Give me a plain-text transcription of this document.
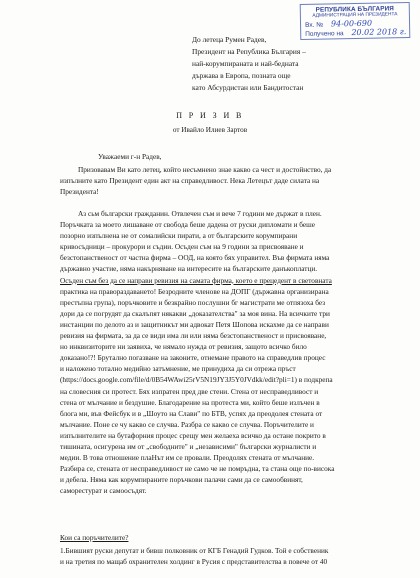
РЕПУБЛИКА БЪЛГАРИЯ
АДМИНИСТРАЦИЯ НА ПРЕЗИДЕНТА
Вх. № 94-00-690
Получено на 20.02 2018 г.
До летеца Румен Радев,
Президент на Република България –
най-корумпираната и най-бедната
държава в Европа, позната още
като Абсурдистан или Бандитостан
П Р И З И В
от Ивайло Илиев Зартов
Уважаеми г-н Радев,
Призовавам Ви като летец, който несъмнено знае какво са чест и достойнство, да
изпълните като Президент един акт на справедливост. Нека Летецът даде силата на
Президента!
Аз сьм български гражданин. Отвлечен съм и вече 7 години ме държат в плен.
Поръчката за моето лишаване от свобода беше дадена от руски дипломати и беше
позорно изпълнена не от сомалийски пирати, а от българските корумпирани
кривосъдници – прокурори и съдии. Осъден съм на 9 години за присвояване и
безстопанственост от частна фирма – ООД, на която бях управител. Във фирмата няма
държавно участие, няма накърняване на интересите на българските данъкоплатци.
Осъден съм без да се направи ревизия на самата фирма, което е прецедент в световната
практика на правораздаването! Безродните членове на ДОПГ (държавна организирана
престъпна група), поръчковите и безкрайно послушни бг магистрати ме отпязоха без
дори да се погрудят да скалъпят някакви „доказателства" за моя вина. На всичките три
инстанции по делото аз и защитникът ми адвокат Петя Шопова искахме да се направи
ревизия на фирмата, за да се види има ли или няма безстопанственост и присвояване,
но инквизиторите ни заявиха, че нямало нужда от ревизия, защото всичко било
доказано!?! Брутално погазване на законите, отнемане правото на справедлив процес
и наложено тотално медийно затъмнение, ме принудиха да си отрежа пръст
(https://docs.google.com/file/d/0B54WAwi25rV5N19JY3J5Y0JVdkk/edit?pli=1) в подкрепа
на словесния си протест. Бях изпратен пред две стени. Стена от несправедливост и
стена от мълчание и бездушие. Благодарение на протеста ми, който беше излъчен в
блога ми, във Фейсбук и в „Шоуто на Слави" по БТВ, успях да преодолея стената от
мълчание. Поне се чу какво се случва. Разбра се какво се случва. Поръчителите и
изпълнителите на бутафорния процес срещу мен желаеха всичко да остане покрито в
тишината, осигурена им от „свободните" и „независими" български журналисти и
медии. В това отношение плаНът им се провали. Преодолях стената от мълчание.
Разбира се, стената от несправедливост не само че не помръдна, та стана още по-висока
и дебела. Няма как корумпираните поръчкови палачи сами да се самообвинят,
саморестурат и самоосъдят.
Кои са поръчителите?
1.Бившият руски депутат и бивш полковник от КГБ Генадий Гудков. Той е собственик
и на третия по мащаб охранителен холдинг в Русия с представителства в повече от 40
